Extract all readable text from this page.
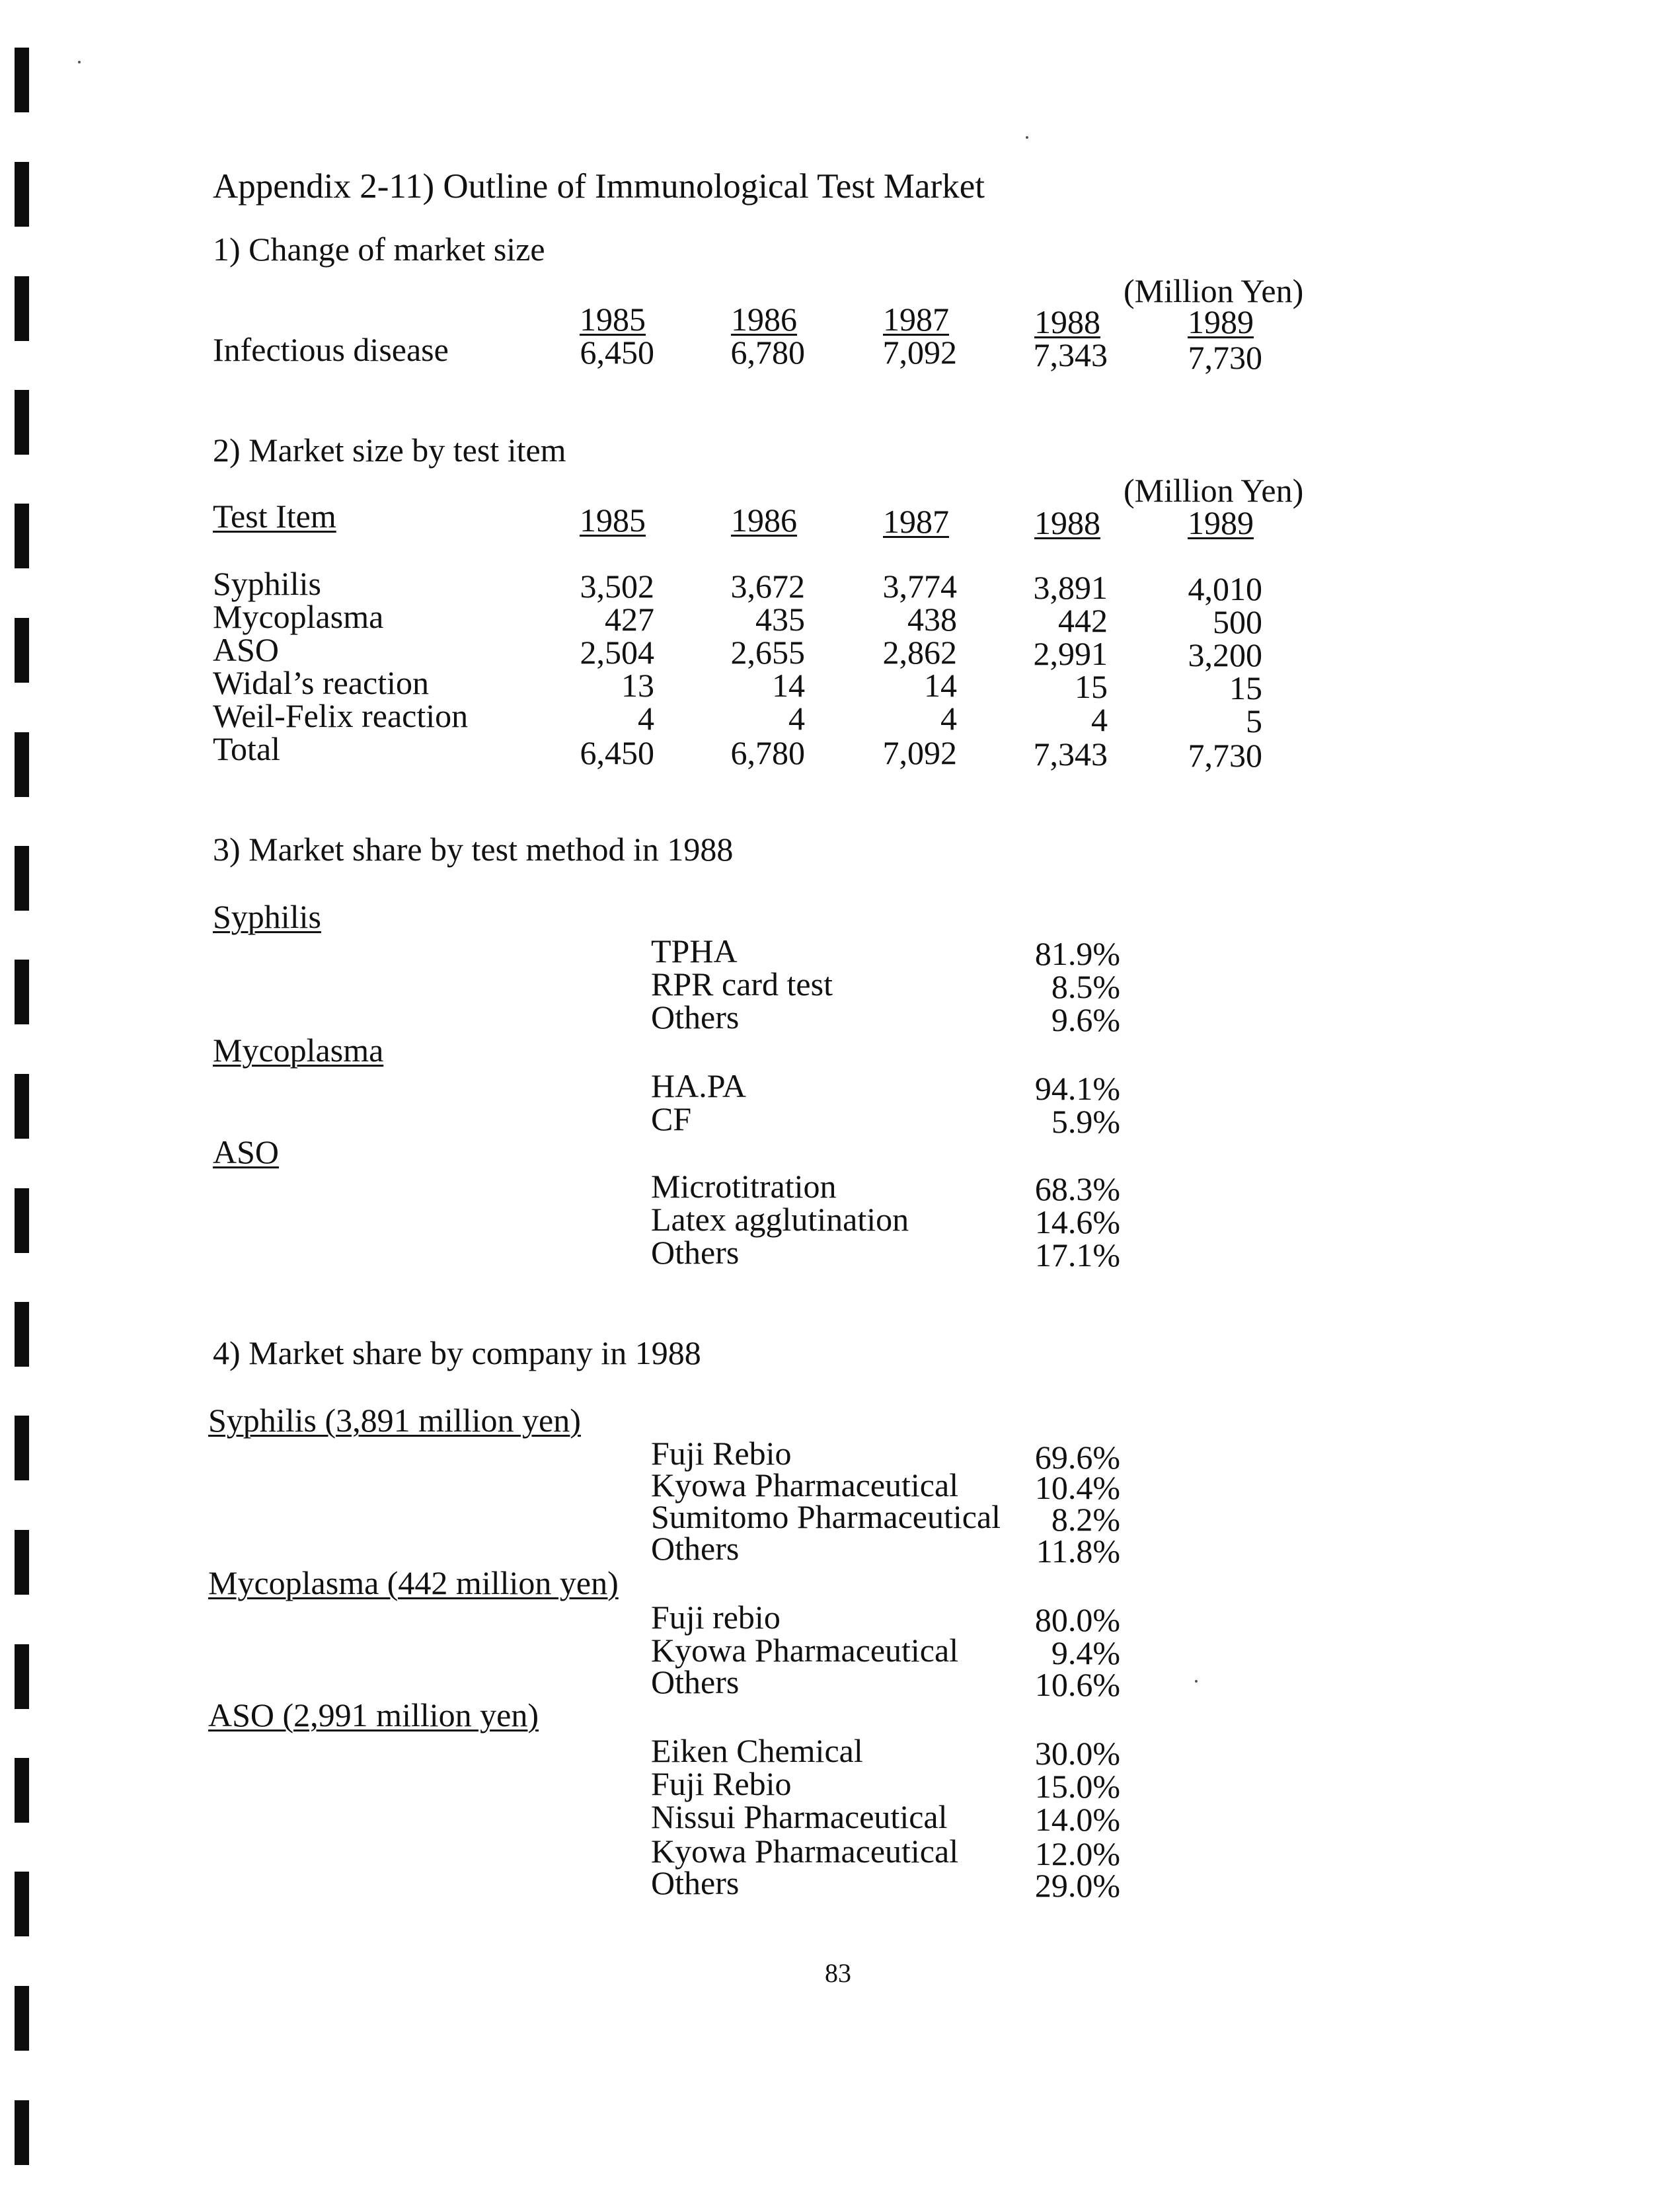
Appendix 2-11) Outline of Immunological Test Market
1) Change of market size
(Million Yen)
1985	1986	1987	1988	1989
Infectious disease	6,450	6,780	7,092	7,343	7,730
2) Market size by test item
(Million Yen)
Test Item	1985	1986	1987	1988	1989
Syphilis	3,502	3,672	3,774	3,891	4,010
Mycoplasma	427	435	438	442	500
ASO	2,504	2,655	2,862	2,991	3,200
Widal’s reaction	13	14	14	15	15
Weil-Felix reaction	4	4	4	4	5
Total	6,450	6,780	7,092	7,343	7,730
3) Market share by test method in 1988
Syphilis
TPHA	81.9%
RPR card test	8.5%
Others	9.6%
Mycoplasma
HA.PA	94.1%
CF	5.9%
ASO
Microtitration	68.3%
Latex agglutination	14.6%
Others	17.1%
4) Market share by company in 1988
Syphilis (3,891 million yen)
Fuji Rebio	69.6%
Kyowa Pharmaceutical	10.4%
Sumitomo Pharmaceutical	8.2%
Others	11.8%
Mycoplasma (442 million yen)
Fuji rebio	80.0%
Kyowa Pharmaceutical	9.4%
Others	10.6%
ASO (2,991 million yen)
Eiken Chemical	30.0%
Fuji Rebio	15.0%
Nissui Pharmaceutical	14.0%
Kyowa Pharmaceutical	12.0%
Others	29.0%
83
